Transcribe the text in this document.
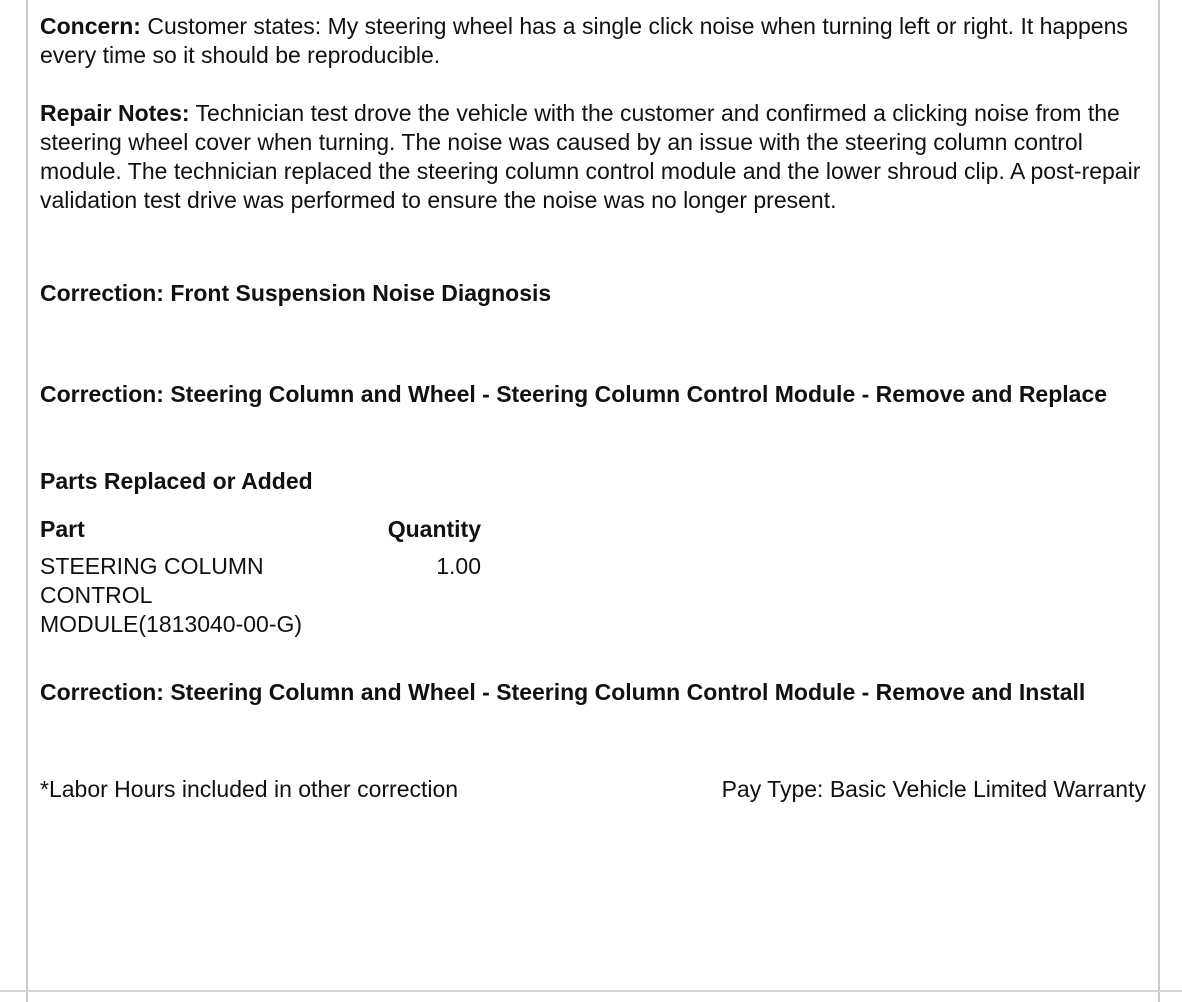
Concern: Customer states: My steering wheel has a single click noise when turning left or right. It happens every time so it should be reproducible.

Repair Notes: Technician test drove the vehicle with the customer and confirmed a clicking noise from the steering wheel cover when turning. The noise was caused by an issue with the steering column control module. The technician replaced the steering column control module and the lower shroud clip. A post-repair validation test drive was performed to ensure the noise was no longer present.

Correction: Front Suspension Noise Diagnosis

Correction: Steering Column and Wheel - Steering Column Control Module - Remove and Replace

Parts Replaced or Added

Part		Quantity
STEERING COLUMN CONTROL MODULE(1813040-00-G)		1.00

Correction: Steering Column and Wheel - Steering Column Control Module - Remove and Install

*Labor Hours included in other correction	Pay Type: Basic Vehicle Limited Warranty
